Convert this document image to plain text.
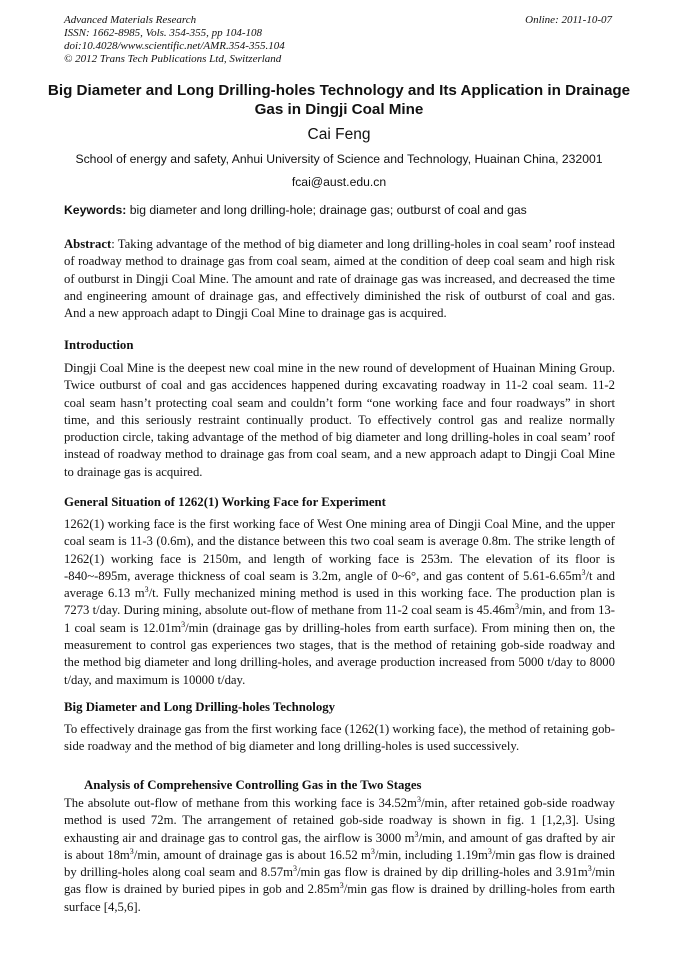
Advanced Materials Research
ISSN: 1662-8985, Vols. 354-355, pp 104-108
doi:10.4028/www.scientific.net/AMR.354-355.104
© 2012 Trans Tech Publications Ltd, Switzerland
Online: 2011-10-07
Big Diameter and Long Drilling-holes Technology and Its Application in Drainage Gas in Dingji Coal Mine
Cai Feng
School of energy and safety, Anhui University of Science and Technology, Huainan China, 232001
fcai@aust.edu.cn
Keywords: big diameter and long drilling-hole; drainage gas; outburst of coal and gas
Abstract: Taking advantage of the method of big diameter and long drilling-holes in coal seam’ roof instead of roadway method to drainage gas from coal seam, aimed at the condition of deep coal seam and high risk of outburst in Dingji Coal Mine. The amount and rate of drainage gas was increased, and decreased the time and engineering amount of drainage gas, and effectively diminished the risk of outburst of coal and gas. And a new approach adapt to Dingji Coal Mine to drainage gas is acquired.
Introduction
Dingji Coal Mine is the deepest new coal mine in the new round of development of Huainan Mining Group. Twice outburst of coal and gas accidences happened during excavating roadway in 11-2 coal seam. 11-2 coal seam hasn’t protecting coal seam and couldn’t form “one working face and four roadways” in short time, and this seriously restraint continually product. To effectively control gas and realize normally production circle, taking advantage of the method of big diameter and long drilling-holes in coal seam’ roof instead of roadway method to drainage gas from coal seam, and a new approach adapt to Dingji Coal Mine to drainage gas is acquired.
General Situation of 1262(1) Working Face for Experiment
1262(1) working face is the first working face of West One mining area of Dingji Coal Mine, and the upper coal seam is 11-3 (0.6m), and the distance between this two coal seam is average 0.8m. The strike length of 1262(1) working face is 2150m, and length of working face is 253m. The elevation of its floor is -840~-895m, average thickness of coal seam is 3.2m, angle of 0~6°, and gas content of $5.61-6.65m^3/t$ and average 6.13 $m^3/t$. Fully mechanized mining method is used in this working face. The production plan is 7273 t/day. During mining, absolute out-flow of methane from 11-2 coal seam is $45.46m^3/\min$, and from 13-1 coal seam is $12.01m^3/\min$ (drainage gas by drilling-holes from earth surface). From mining then on, the measurement to control gas experiences two stages, that is the method of retaining gob-side roadway and the method big diameter and long drilling-holes, and average production increased from 5000 t/day to 8000 t/day, and maximum is 10000 t/day.
Big Diameter and Long Drilling-holes Technology
To effectively drainage gas from the first working face (1262(1) working face), the method of retaining gob-side roadway and the method of big diameter and long drilling-holes is used successively.
Analysis of Comprehensive Controlling Gas in the Two Stages
The absolute out-flow of methane from this working face is $34.52m^3/\min$, after retained gob-side roadway method is used 72m. The arrangement of retained gob-side roadway is shown in fig. 1 [1,2,3]. Using exhausting air and drainage gas to control gas, the airflow is 3000 $m^3/\min$, and amount of gas drafted by air is about $18m^3/\min$, amount of drainage gas is about 16.52 $m^3/\min$, including $1.19m^3/\min$ gas flow is drained by drilling-holes along coal seam and $8.57m^3/\min$ gas flow is drained by dip drilling-holes and $3.91m^3/\min$ gas flow is drained by buried pipes in gob and $2.85m^3/\min$ gas flow is drained by drilling-holes from earth surface [4,5,6].
